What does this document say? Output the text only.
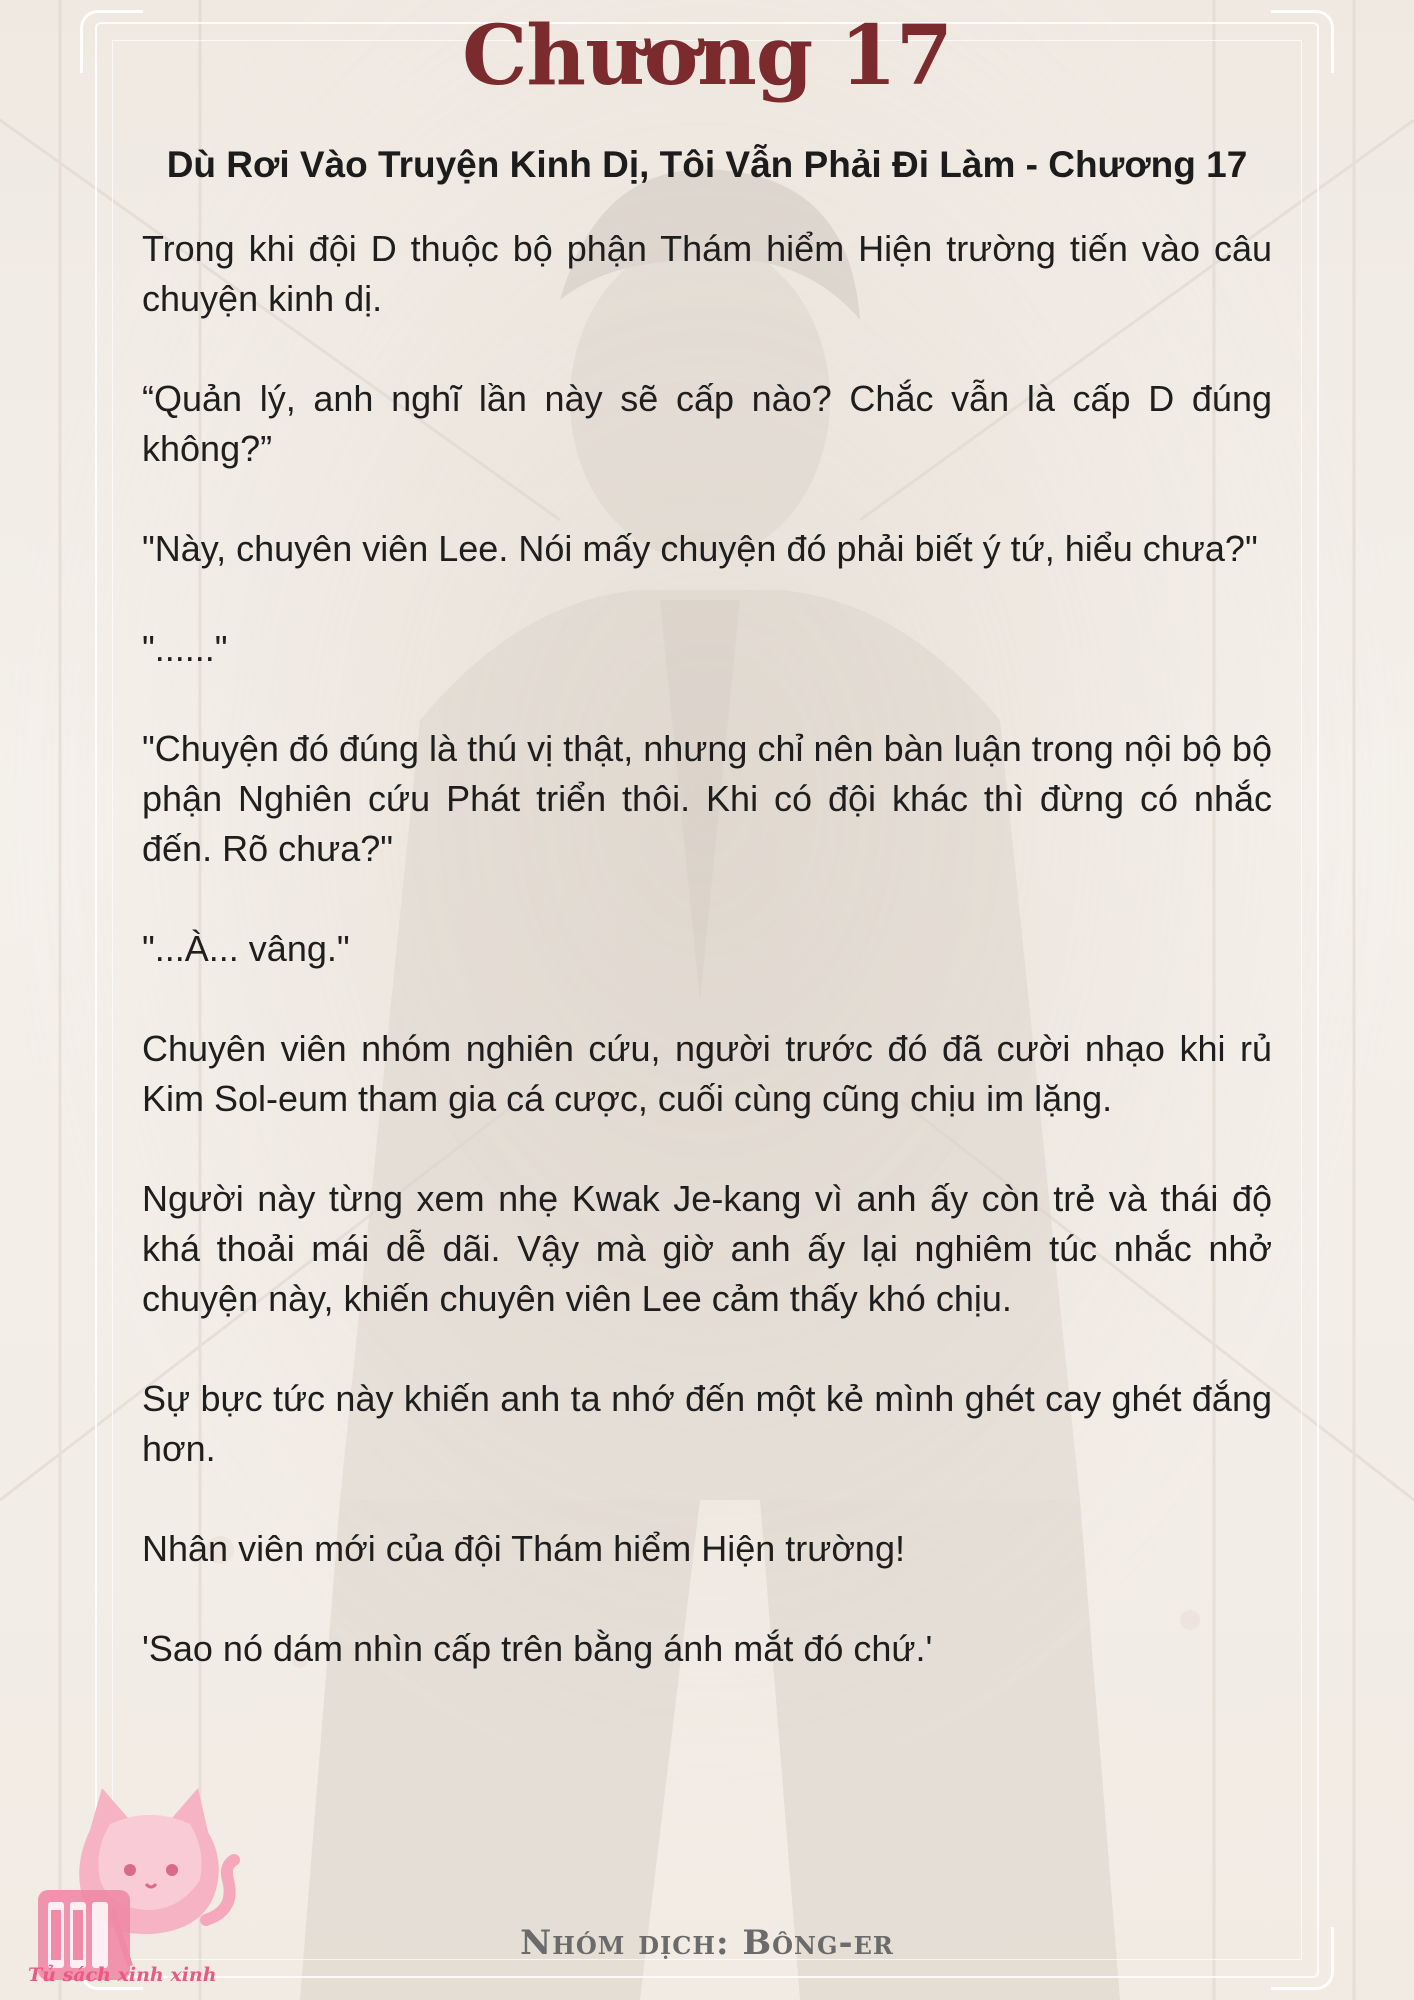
Chương 17
Dù Rơi Vào Truyện Kinh Dị, Tôi Vẫn Phải Đi Làm - Chương 17

Trong khi đội D thuộc bộ phận Thám hiểm Hiện trường tiến vào câu chuyện kinh dị.

“Quản lý, anh nghĩ lần này sẽ cấp nào? Chắc vẫn là cấp D đúng không?”

"Này, chuyên viên Lee. Nói mấy chuyện đó phải biết ý tứ, hiểu chưa?"

"......"

"Chuyện đó đúng là thú vị thật, nhưng chỉ nên bàn luận trong nội bộ bộ phận Nghiên cứu Phát triển thôi. Khi có đội khác thì đừng có nhắc đến. Rõ chưa?"

"...À... vâng."

Chuyên viên nhóm nghiên cứu, người trước đó đã cười nhạo khi rủ Kim Sol-eum tham gia cá cược, cuối cùng cũng chịu im lặng.

Người này từng xem nhẹ Kwak Je-kang vì anh ấy còn trẻ và thái độ khá thoải mái dễ dãi. Vậy mà giờ anh ấy lại nghiêm túc nhắc nhở chuyện này, khiến chuyên viên Lee cảm thấy khó chịu.

Sự bực tức này khiến anh ta nhớ đến một kẻ mình ghét cay ghét đắng hơn.

Nhân viên mới của đội Thám hiểm Hiện trường!

'Sao nó dám nhìn cấp trên bằng ánh mắt đó chứ.'

Tủ sách xinh xinh
Nhóm dịch: Bông-er
